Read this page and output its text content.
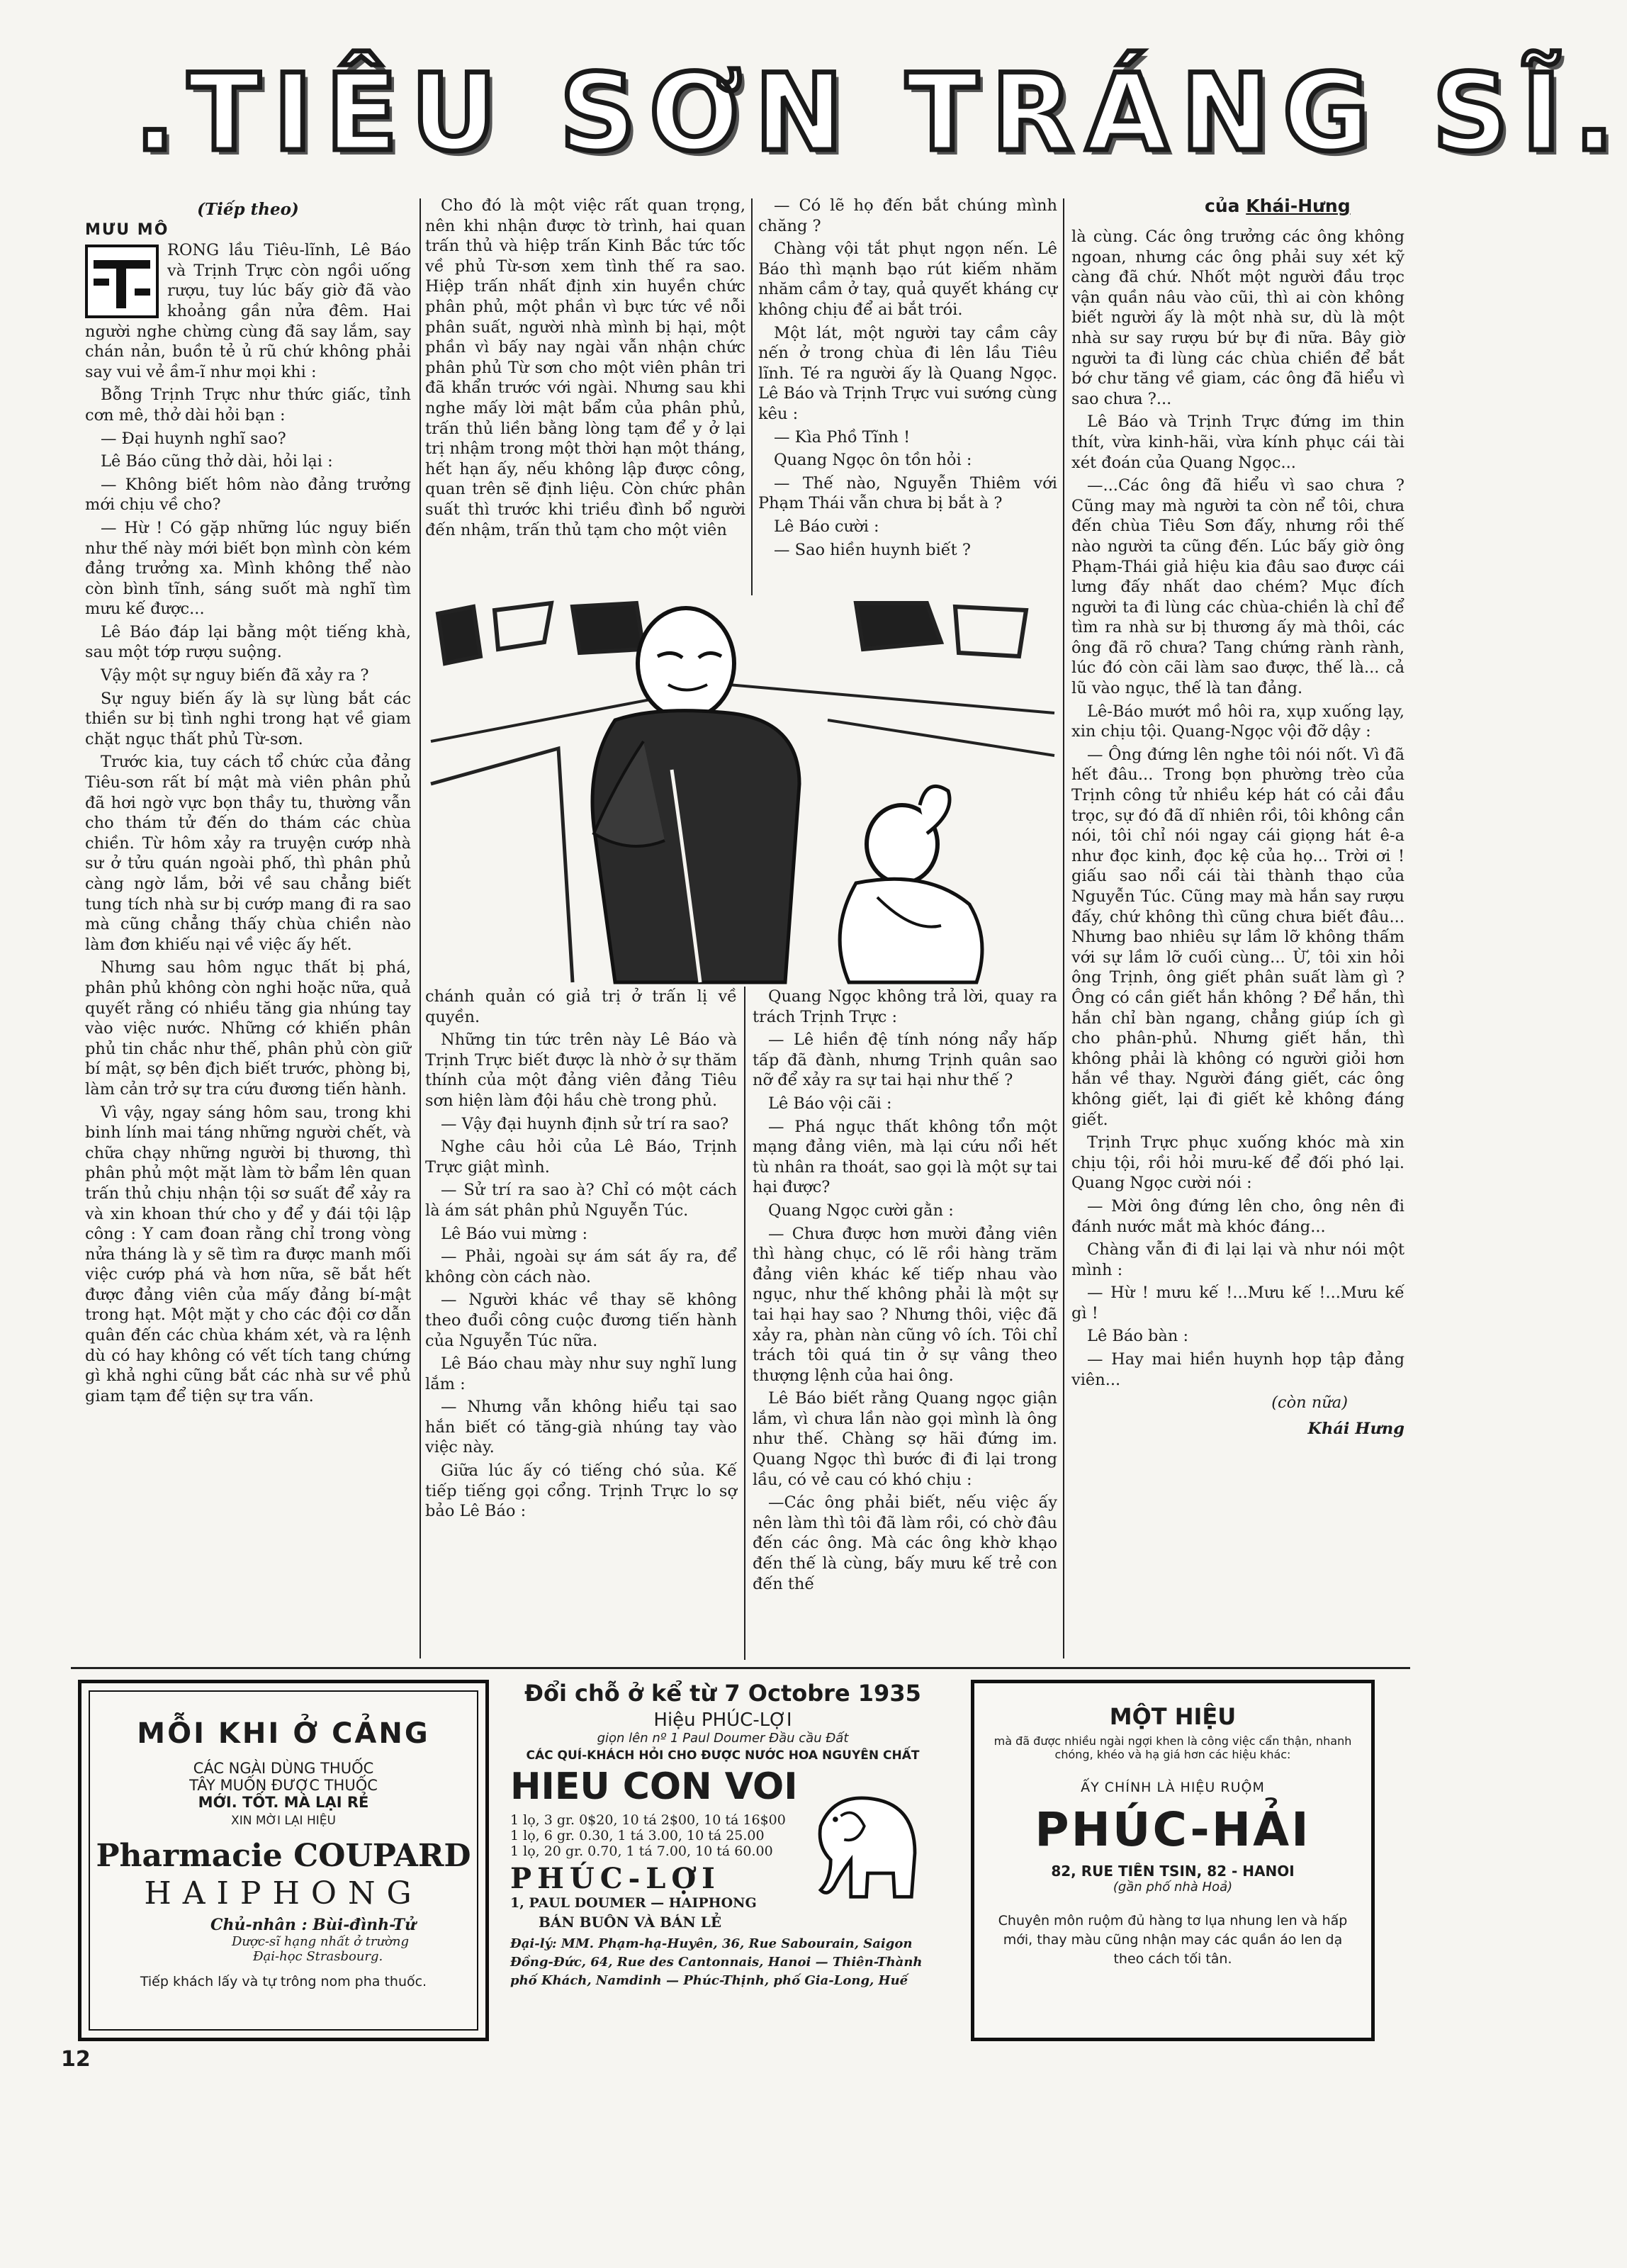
.TIÊU SƠN TRÁNG SĨ.
của Khái-Hưng
(Tiếp theo)
MƯU MÔ

RONG lầu Tiêu-lĩnh, Lê Báo và Trịnh Trực còn ngồi uống rượu, tuy lúc bấy giờ đã vào khoảng gần nửa đêm. Hai người nghe chừng cùng đã say lắm, say chán nản, buồn tẻ ủ rũ chứ không phải say vui vẻ ầm-ĩ như mọi khi :

Bỗng Trịnh Trực như thức giấc, tỉnh cơn mê, thở dài hỏi bạn :

— Đại huynh nghĩ sao?

Lê Báo cũng thở dài, hỏi lại :

— Không biết hôm nào đảng trưởng mới chịu về cho?

— Hừ ! Có gặp những lúc nguy biến như thế này mới biết bọn mình còn kém đảng trưởng xa. Mình không thể nào còn bình tĩnh, sáng suốt mà nghĩ tìm mưu kế được...

Lê Báo đáp lại bằng một tiếng khà, sau một tớp rượu suộng.

Vậy một sự nguy biến đã xảy ra ?

Sự nguy biến ấy là sự lùng bắt các thiền sư bị tình nghi trong hạt về giam chặt ngục thất phủ Từ-sơn.

Trước kia, tuy cách tổ chức của đảng Tiêu-sơn rất bí mật mà viên phân phủ đã hơi ngờ vực bọn thầy tu, thường vẫn cho thám tử đến do thám các chùa chiền. Từ hôm xảy ra truyện cướp nhà sư ở tửu quán ngoài phố, thì phân phủ càng ngờ lắm, bởi về sau chẳng biết tung tích nhà sư bị cướp mang đi ra sao mà cũng chẳng thấy chùa chiền nào làm đơn khiếu nại về việc ấy hết.

Nhưng sau hôm ngục thất bị phá, phân phủ không còn nghi hoặc nữa, quả quyết rằng có nhiều tăng gia nhúng tay vào việc nước. Những cớ khiến phân phủ tin chắc như thế, phân phủ còn giữ bí mật, sợ bên địch biết trước, phòng bị, làm cản trở sự tra cứu đương tiến hành.

Vì vậy, ngay sáng hôm sau, trong khi binh lính mai táng những người chết, và chữa chạy những người bị thương, thì phân phủ một mặt làm tờ bẩm lên quan trấn thủ chịu nhận tội sơ suất để xảy ra và xin khoan thứ cho y để y đái tội lập công : Y cam đoan rằng chỉ trong vòng nửa tháng là y sẽ tìm ra được manh mối việc cướp phá và hơn nữa, sẽ bắt hết được đảng viên của mấy đảng bí-mật trong hạt. Một mặt y cho các đội cơ dẫn quân đến các chùa khám xét, và ra lệnh dù có hay không có vết tích tang chứng gì khả nghi cũng bắt các nhà sư về phủ giam tạm để tiện sự tra vấn.

Cho đó là một việc rất quan trọng, nên khi nhận được tờ trình, hai quan trấn thủ và hiệp trấn Kinh Bắc tức tốc về phủ Từ-sơn xem tình thế ra sao. Hiệp trấn nhất định xin huyền chức phân phủ, một phần vì bực tức về nỗi phân suất, người nhà mình bị hại, một phần vì bấy nay ngài vẫn nhận chức phân phủ Từ sơn cho một viên phân tri đã khẩn trước với ngài. Nhưng sau khi nghe mấy lời mật bẩm của phân phủ, trấn thủ liền bằng lòng tạm để y ở lại trị nhậm trong một thời hạn một tháng, hết hạn ấy, nếu không lập được công, quan trên sẽ định liệu. Còn chức phân suất thì trước khi triều đình bổ người đến nhậm, trấn thủ tạm cho một viên

— Có lẽ họ đến bắt chúng mình chăng ?

Chàng vội tắt phụt ngọn nến. Lê Báo thì mạnh bạo rút kiếm nhăm nhăm cầm ở tay, quả quyết kháng cự không chịu để ai bắt trói.

Một lát, một người tay cầm cây nến ở trong chùa đi lên lầu Tiêu lĩnh. Té ra người ấy là Quang Ngọc. Lê Báo và Trịnh Trực vui sướng cùng kêu :

— Kìa Phồ Tĩnh !

Quang Ngọc ôn tồn hỏi :

— Thế nào, Nguyễn Thiêm với Phạm Thái vẫn chưa bị bắt à ?

Lê Báo cười :

— Sao hiền huynh biết ?

chánh quản có giả trị ở trấn lị về quyền.

Những tin tức trên này Lê Báo và Trịnh Trực biết được là nhờ ở sự thăm thính của một đảng viên đảng Tiêu sơn hiện làm đội hầu chè trong phủ.

— Vậy đại huynh định sử trí ra sao?

Nghe câu hỏi của Lê Báo, Trịnh Trực giật mình.

— Sử trí ra sao à? Chỉ có một cách là ám sát phân phủ Nguyễn Túc.

Lê Báo vui mừng :

— Phải, ngoài sự ám sát ấy ra, để không còn cách nào.

— Người khác về thay sẽ không theo đuổi công cuộc đương tiến hành của Nguyễn Túc nữa.

Lê Báo chau mày như suy nghĩ lung lắm :

— Nhưng vẫn không hiểu tại sao hắn biết có tăng-già nhúng tay vào việc này.

Giữa lúc ấy có tiếng chó sủa. Kế tiếp tiếng gọi cổng. Trịnh Trực lo sợ bảo Lê Báo :

Quang Ngọc không trả lời, quay ra trách Trịnh Trực :

— Lê hiền đệ tính nóng nẩy hấp tấp đã đành, nhưng Trịnh quân sao nỡ để xảy ra sự tai hại như thế ?

Lê Báo vội cãi :

— Phá ngục thất không tổn một mạng đảng viên, mà lại cứu nổi hết tù nhân ra thoát, sao gọi là một sự tai hại được?

Quang Ngọc cười gằn :

— Chưa được hơn mười đảng viên thì hàng chục, có lẽ rồi hàng trăm đảng viên khác kế tiếp nhau vào ngục, như thế không phải là một sự tai hại hay sao ? Nhưng thôi, việc đã xảy ra, phàn nàn cũng vô ích. Tôi chỉ trách tôi quá tin ở sự vâng theo thượng lệnh của hai ông.

Lê Báo biết rằng Quang ngọc giận lắm, vì chưa lần nào gọi mình là ông như thế. Chàng sợ hãi đứng im. Quang Ngọc thì bước đi đi lại trong lầu, có vẻ cau có khó chịu :

—Các ông phải biết, nếu việc ấy nên làm thì tôi đã làm rồi, có chờ đâu đến các ông. Mà các ông khờ khạo đến thế là cùng, bấy mưu kế trẻ con đến thế

là cùng. Các ông trưởng các ông không ngoan, nhưng các ông phải suy xét kỹ càng đã chứ. Nhốt một người đầu trọc vận quần nâu vào cũi, thì ai còn không biết người ấy là một nhà sư, dù là một nhà sư say rượu bứ bự đi nữa. Bây giờ người ta đi lùng các chùa chiền để bắt bớ chư tăng về giam, các ông đã hiểu vì sao chưa ?...

Lê Báo và Trịnh Trực đứng im thin thít, vừa kinh-hãi, vừa kính phục cái tài xét đoán của Quang Ngọc...

—...Các ông đã hiểu vì sao chưa ? Cũng may mà người ta còn nể tôi, chưa đến chùa Tiêu Sơn đấy, nhưng rồi thế nào người ta cũng đến. Lúc bấy giờ ông Phạm-Thái giả hiệu kia đâu sao được cái lưng đấy nhất dao chém? Mục đích người ta đi lùng các chùa-chiền là chỉ để tìm ra nhà sư bị thương ấy mà thôi, các ông đã rõ chưa? Tang chứng rành rành, lúc đó còn cãi làm sao được, thế là... cả lũ vào ngục, thế là tan đảng.

Lê-Báo mướt mồ hôi ra, xụp xuống lạy, xin chịu tội. Quang-Ngọc vội đỡ dậy :

— Ông đứng lên nghe tôi nói nốt. Vì đã hết đâu... Trong bọn phường trèo của Trịnh công tử nhiều kép hát có cải đầu trọc, sự đó đã dĩ nhiên rồi, tôi không cần nói, tôi chỉ nói ngay cái giọng hát ê-a như đọc kinh, đọc kệ của họ... Trời ơi ! giấu sao nổi cái tài thành thạo của Nguyễn Túc. Cũng may mà hắn say rượu đấy, chứ không thì cũng chưa biết đâu... Nhưng bao nhiêu sự lầm lỡ không thấm với sự lầm lỡ cuối cùng... Ừ, tôi xin hỏi ông Trịnh, ông giết phân suất làm gì ? Ông có cần giết hắn không ? Để hắn, thì hắn chỉ bàn ngang, chẳng giúp ích gì cho phân-phủ. Nhưng giết hắn, thì không phải là không có người giỏi hơn hắn về thay. Người đáng giết, các ông không giết, lại đi giết kẻ không đáng giết.

Trịnh Trực phục xuống khóc mà xin chịu tội, rồi hỏi mưu-kế để đối phó lại. Quang Ngọc cười nói :

— Mời ông đứng lên cho, ông nên đi đánh nước mắt mà khóc đáng...

Chàng vẫn đi đi lại lại và như nói một mình :

— Hừ ! mưu kế !...Mưu kế !...Mưu kế gì !

Lê Báo bàn :

— Hay mai hiền huynh họp tập đảng viên...

(còn nữa)
Khái Hưng
MỖI KHI Ở CẢNG
CÁC NGÀI DÙNG THUỐC
TÂY MUỐN ĐƯỢC THUỐC
MỚI. TỐT. MÀ LẠI RẺ
XIN MỜI LẠI HIỆU
Pharmacie COUPARD
HAIPHONG
Chủ-nhân : Bùi-đình-Tử
Dược-sĩ hạng nhất ở trường
Đại-học Strasbourg.
Tiếp khách lấy và tự trông nom pha thuốc.
Đổi chỗ ở kể từ 7 Octobre 1935
Hiệu PHÚC-LỢI
giọn lên nº 1 Paul Doumer Đầu cầu Đất
CÁC QUÍ-KHÁCH HỎI CHO ĐƯỢC NƯỚC HOA NGUYÊN CHẤT
HIEU CON VOI
1 lọ, 3 gr. 0$20, 10 tá 2$00, 10 tá 16$00
1 lọ, 6 gr. 0.30, 1 tá 3.00, 10 tá 25.00
1 lọ, 20 gr. 0.70, 1 tá 7.00, 10 tá 60.00
PHÚC-LỢI
1, PAUL DOUMER — HAIPHONG
BÁN BUÔN VÀ BÁN LẺ
Đại-lý: MM. Phạm-hạ-Huyên, 36, Rue Sabourain, Saigon Đồng-Đức, 64, Rue des Cantonnais, Hanoi — Thiên-Thành phố Khách, Namdinh — Phúc-Thịnh, phố Gia-Long, Huế
MỘT HIỆU
mà đã được nhiều ngài ngợi khen là công việc cẩn thận, nhanh chóng, khéo và hạ giá hơn các hiệu khác:
ẤY CHÍNH LÀ HIỆU RUỘM
PHÚC-HẢI
82, RUE TIÊN TSIN, 82 - HANOI
(gần phố nhà Hoả)
Chuyên môn ruộm đủ hàng tơ lụa nhung len và hấp mới, thay màu cũng nhận may các quần áo len dạ theo cách tối tân.
12
